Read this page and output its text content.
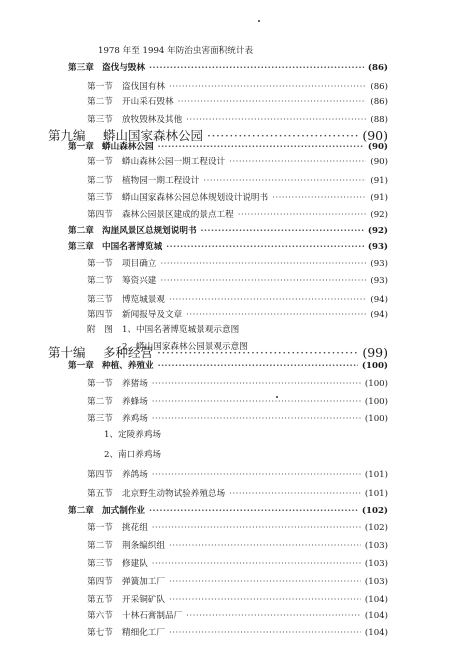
1978 年至 1994 年防治虫害面积统计表
第三章 盗伐与毁林	(86)
·····
第一节 盗伐国有林	(86)
·····
第二节 开山采石毁林	(86)
·····
第三节 放牧毁林及其他	(88)
·····
第九编 蟒山国家森林公园	(90)
·····
第一章 蟒山森林公园	(90)
·····
第一节 蟒山森林公园一期工程设计	(90)
·····
第二节 植物园一期工程设计	(91)
·····
第三节 蟒山国家森林公园总体规划设计说明书	(91)
·····
第四节 森林公园景区建成的景点工程	(92)
·····
第二章 沟崖风景区总规划说明书	(92)
·····
第三章 中国名著博览城	(93)
·····
第一节 项目确立	(93)
·····
第二节 筹资兴建	(93)
·····
第三节 博览城景观	(94)
·····
第四节 新闻报导及文章	(94)
·····
附　图 1、中国名著博览城景观示意图
2、蟒山国家森林公园景观示意图
第十编 多种经营	(99)
·····
第一章 种植、养殖业	(100)
·····
第一节 养猪场	(100)
·····
第二节 养蜂场	(100)
·····
第三节 养鸡场	(100)
·····
1、定陵养鸡场
2、南口养鸡场
第四节 养鸽场	(101)
·····
第五节 北京野生动物试验养殖总场	(101)
·····
第二章 加式制作业	(102)
·····
第一节 挑花组	(102)
·····
第二节 荆条编织组	(103)
·····
第三节 修建队	(103)
·····
第四节 弹簧加工厂	(103)
·····
第五节 开采铜矿队	(104)
·····
第六节 十林石膏制品厂	(104)
·····
第七节 精细化工厂	(104)
·····
